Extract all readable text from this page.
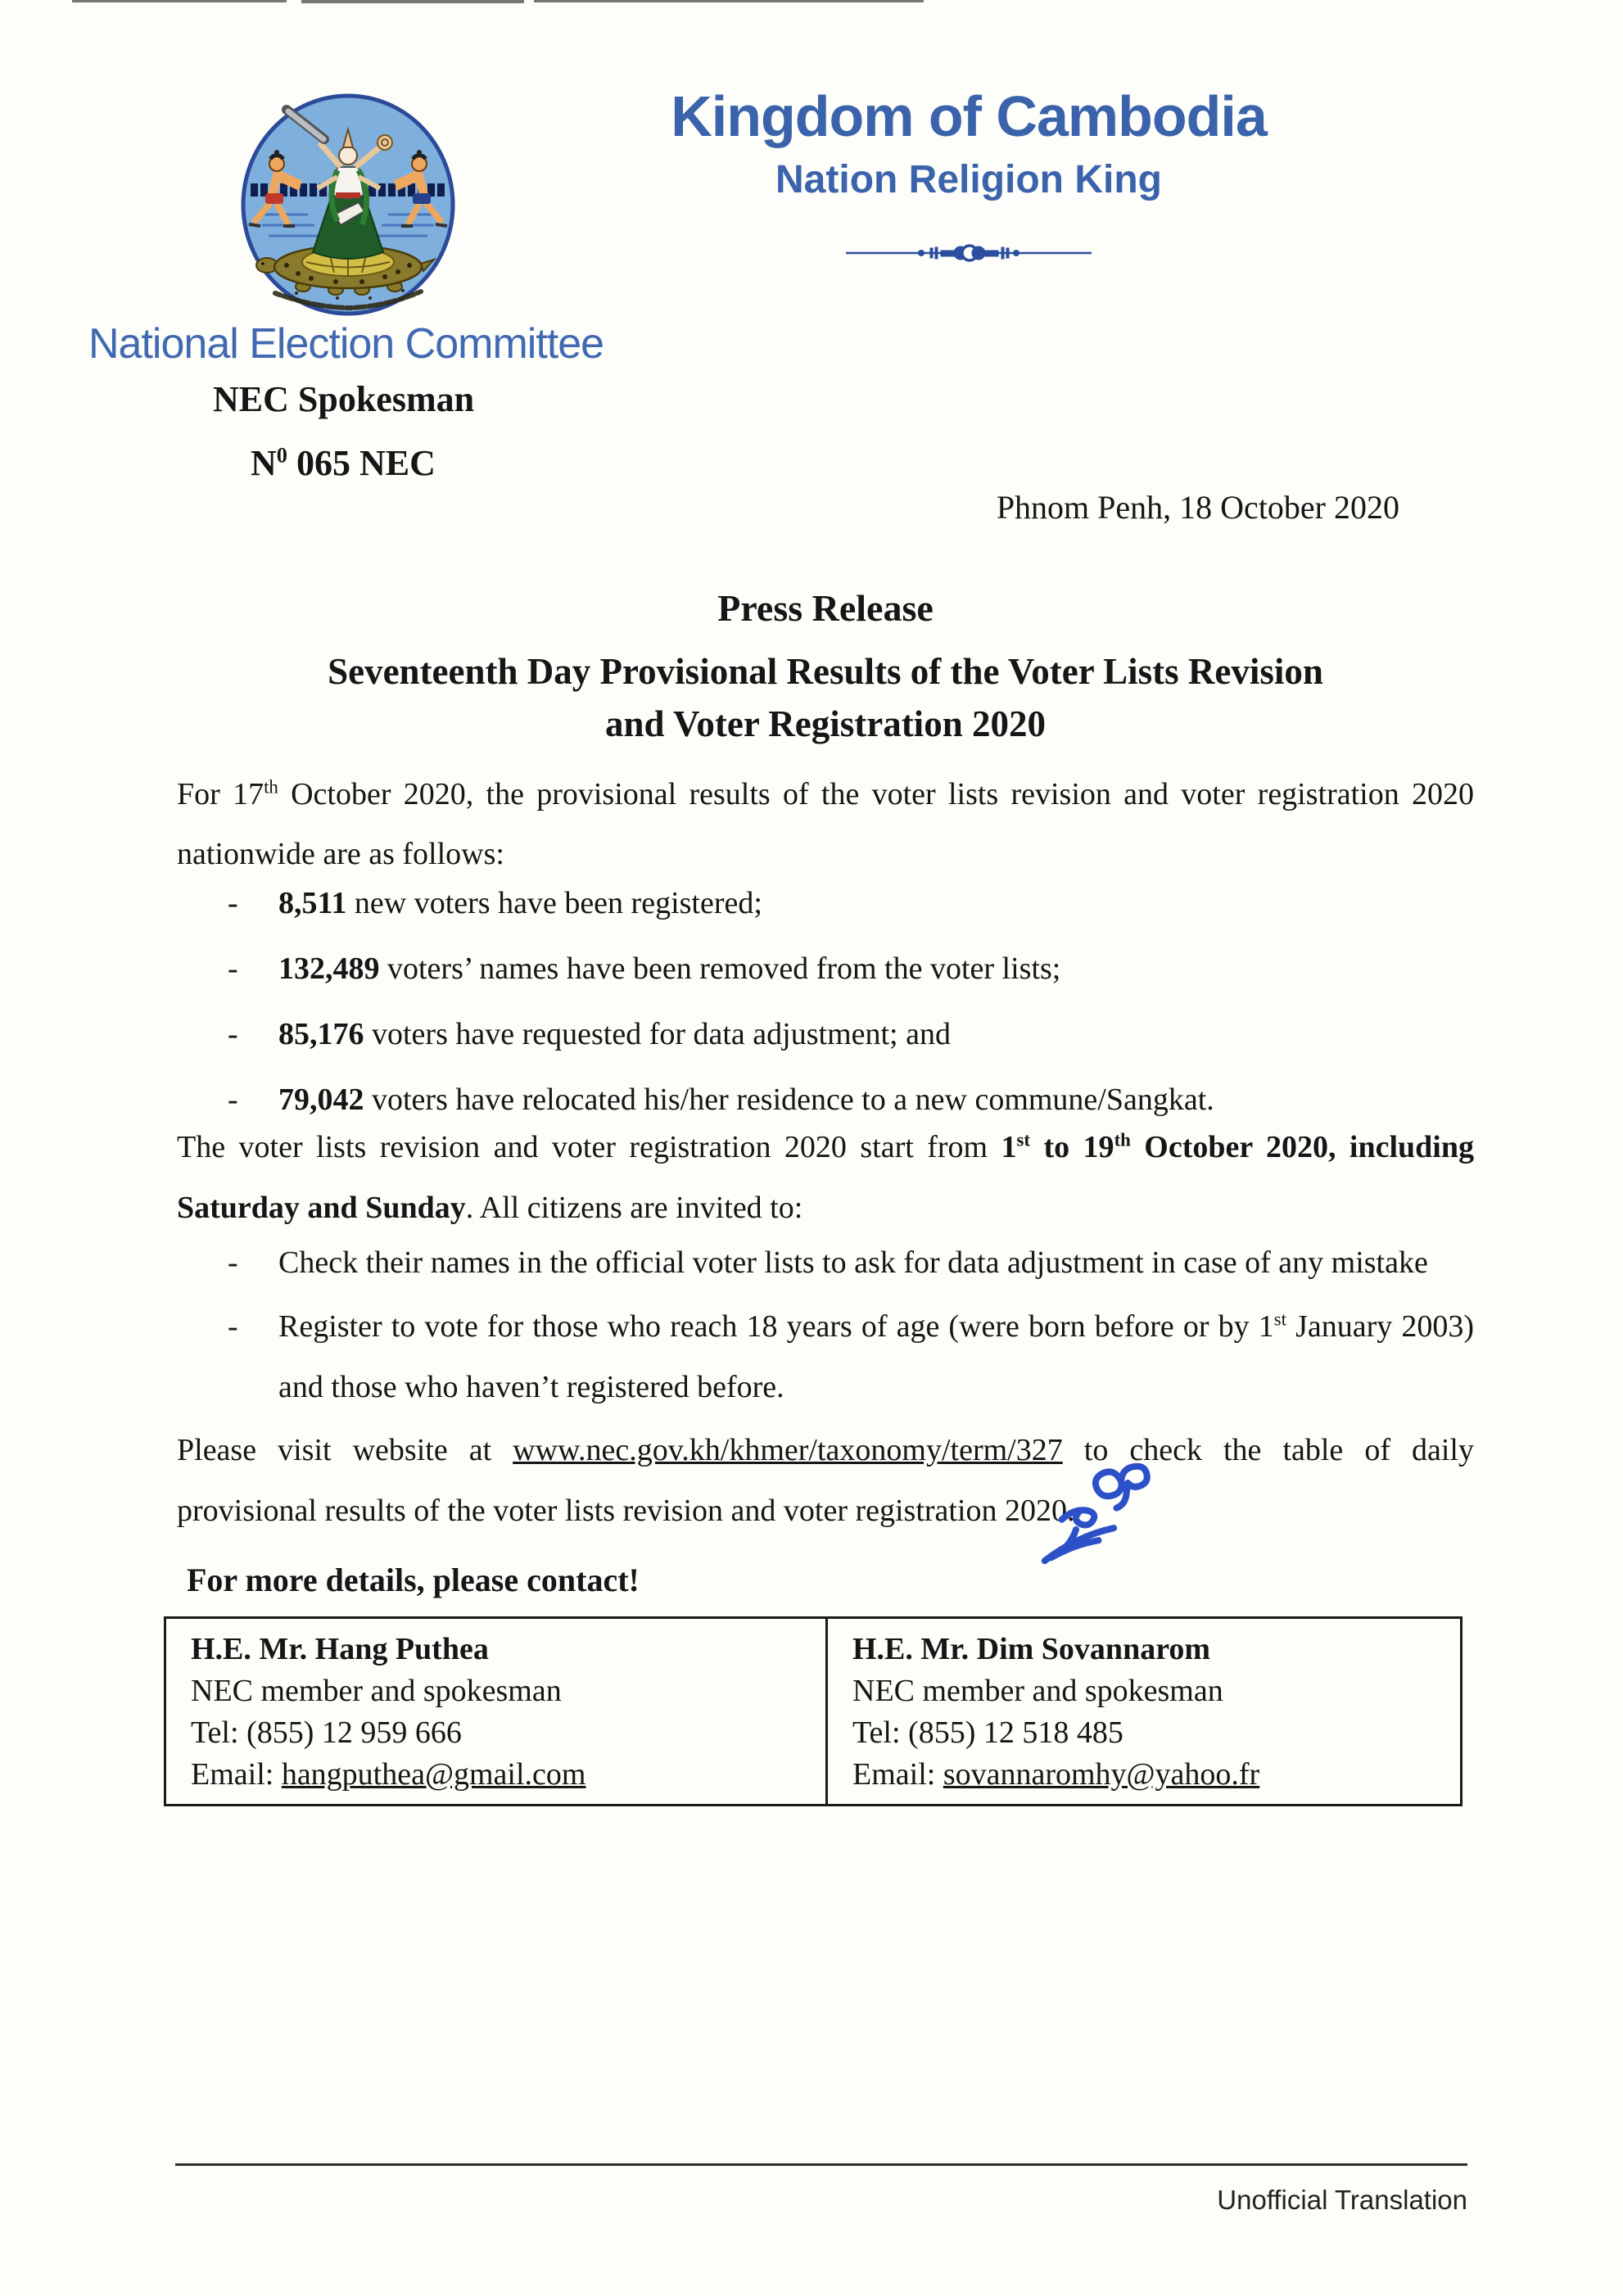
Kingdom of Cambodia
Nation Religion King
National Election Committee
NEC Spokesman
$N^0$ 065 NEC
Phnom Penh, 18 October 2020
Press Release
Seventeenth Day Provisional Results of the Voter Lists Revision
and Voter Registration 2020
For 17th October 2020, the provisional results of the voter lists revision and voter registration 2020
nationwide are as follows:
- 8,511 new voters have been registered;
- 132,489 voters’ names have been removed from the voter lists;
- 85,176 voters have requested for data adjustment; and
- 79,042 voters have relocated his/her residence to a new commune/Sangkat.
The voter lists revision and voter registration 2020 start from 1st to 19th October 2020, including
Saturday and Sunday. All citizens are invited to:
- Check their names in the official voter lists to ask for data adjustment in case of any mistake
- Register to vote for those who reach 18 years of age (were born before or by 1st January 2003)
and those who haven’t registered before.
Please visit website at www.nec.gov.kh/khmer/taxonomy/term/327 to check the table of daily
provisional results of the voter lists revision and voter registration 2020.
For more details, please contact!
H.E. Mr. Hang Puthea
NEC member and spokesman
Tel: (855) 12 959 666
Email: hangputhea@gmail.com
H.E. Mr. Dim Sovannarom
NEC member and spokesman
Tel: (855) 12 518 485
Email: sovannaromhy@yahoo.fr
Unofficial Translation
